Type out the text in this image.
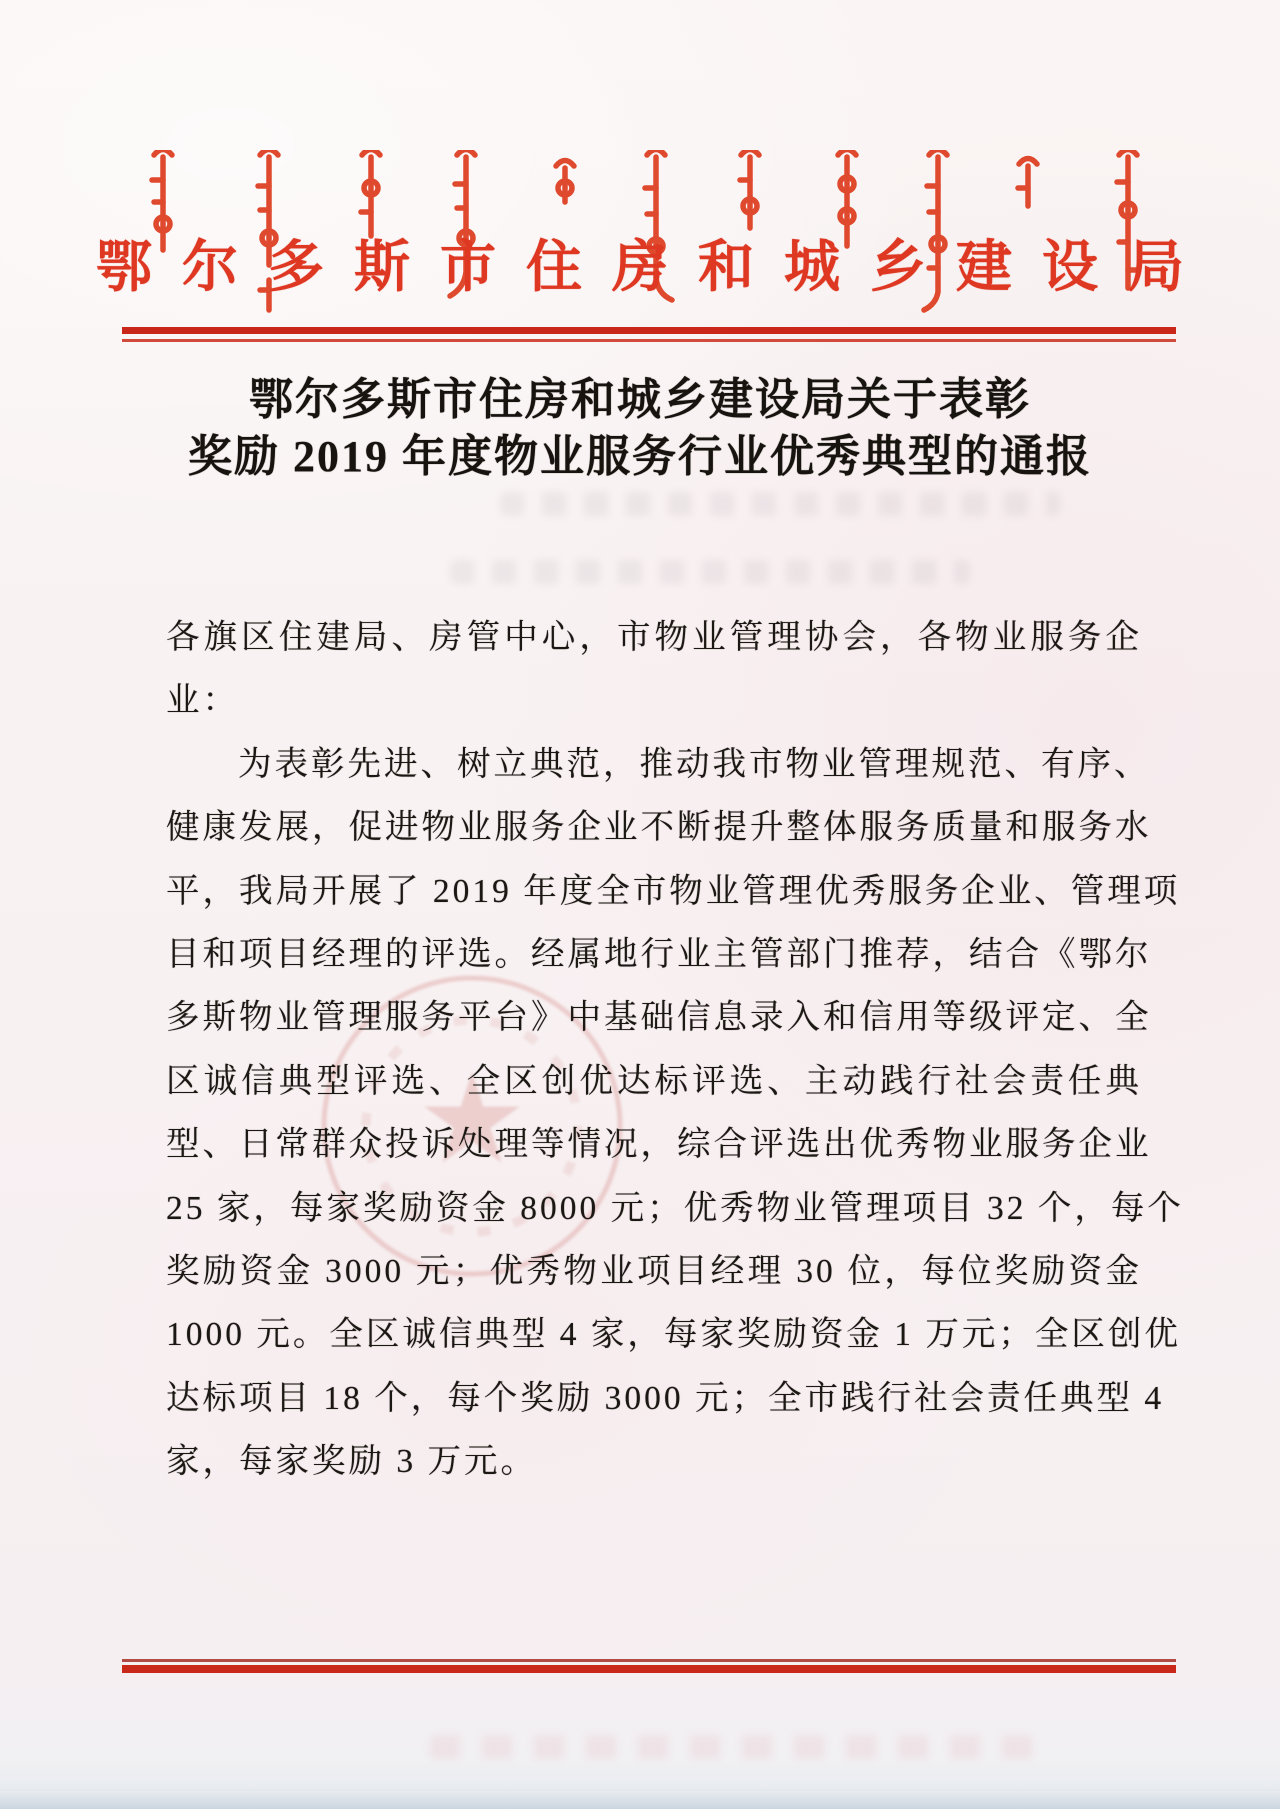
鄂尔多斯市住房和城乡建设局
鄂尔多斯市住房和城乡建设局关于表彰
奖励 2019 年度物业服务行业优秀典型的通报
各旗区住建局、房管中心，市物业管理协会，各物业服务企
业：
为表彰先进、树立典范，推动我市物业管理规范、有序、
健康发展，促进物业服务企业不断提升整体服务质量和服务水
平，我局开展了 2019 年度全市物业管理优秀服务企业、管理项
目和项目经理的评选。经属地行业主管部门推荐，结合《鄂尔
多斯物业管理服务平台》中基础信息录入和信用等级评定、全
区诚信典型评选、全区创优达标评选、主动践行社会责任典
型、日常群众投诉处理等情况，综合评选出优秀物业服务企业
25 家，每家奖励资金 8000 元；优秀物业管理项目 32 个，每个
奖励资金 3000 元；优秀物业项目经理 30 位，每位奖励资金
1000 元。全区诚信典型 4 家，每家奖励资金 1 万元；全区创优
达标项目 18 个，每个奖励 3000 元；全市践行社会责任典型 4
家，每家奖励 3 万元。
